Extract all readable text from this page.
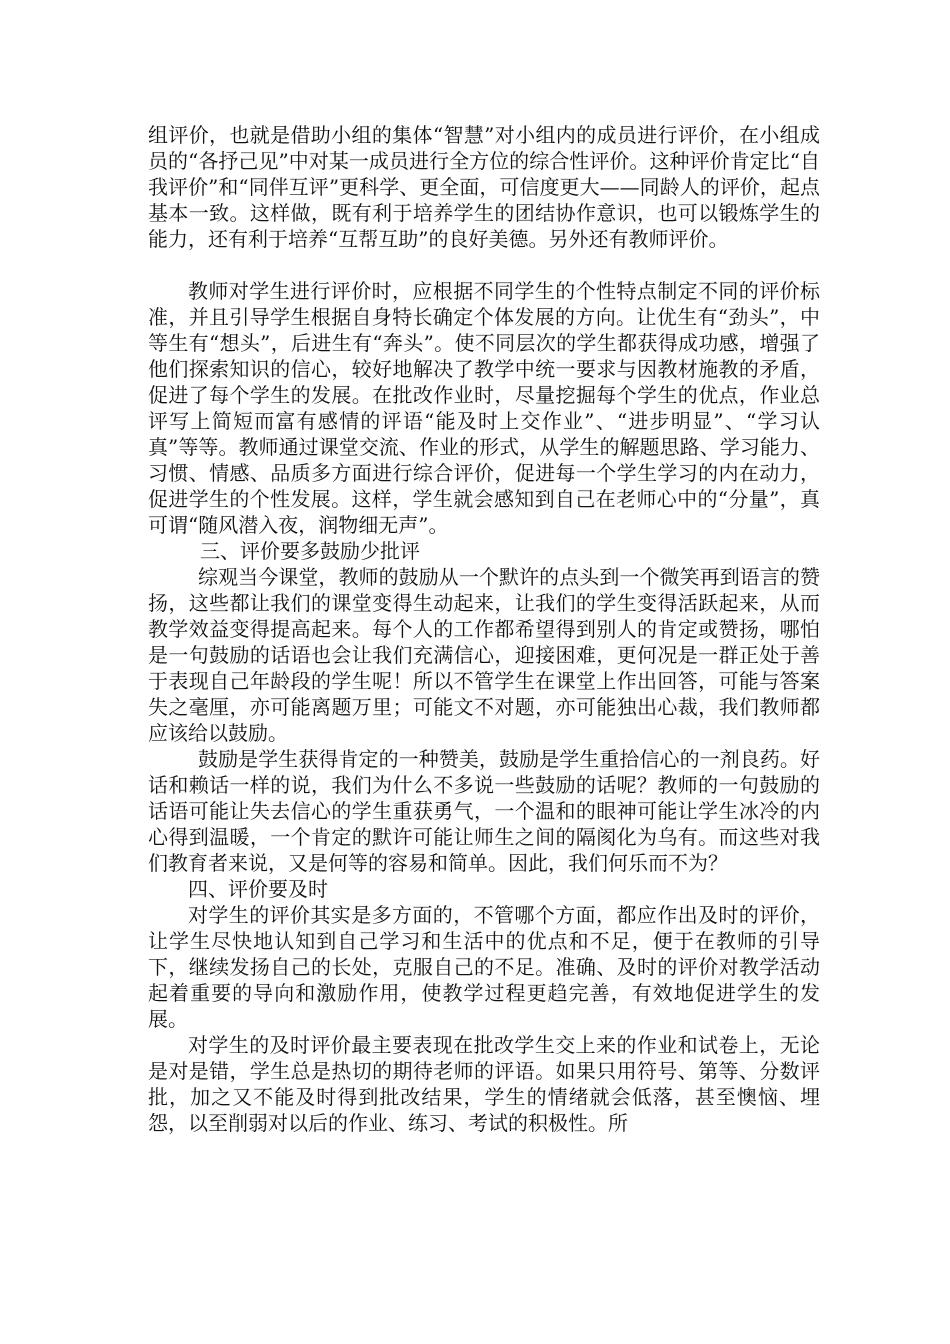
组评价，也就是借助小组的集体“智慧”对小组内的成员进行评价，在小组成员的“各抒己见”中对某一成员进行全方位的综合性评价。这种评价肯定比“自我评价”和“同伴互评”更科学、更全面，可信度更大——同龄人的评价，起点基本一致。这样做，既有利于培养学生的团结协作意识，也可以锻炼学生的能力，还有利于培养“互帮互助”的良好美德。另外还有教师评价。

教师对学生进行评价时，应根据不同学生的个性特点制定不同的评价标准，并且引导学生根据自身特长确定个体发展的方向。让优生有“劲头”，中等生有“想头”，后进生有“奔头”。使不同层次的学生都获得成功感，增强了他们探索知识的信心，较好地解决了教学中统一要求与因教材施教的矛盾，促进了每个学生的发展。在批改作业时，尽量挖掘每个学生的优点，作业总评写上简短而富有感情的评语“能及时上交作业”、“进步明显”、“学习认真”等等。教师通过课堂交流、作业的形式，从学生的解题思路、学习能力、习惯、情感、品质多方面进行综合评价，促进每一个学生学习的内在动力，促进学生的个性发展。这样，学生就会感知到自己在老师心中的“分量”，真可谓“随风潜入夜，润物细无声”。

三、评价要多鼓励少批评

综观当今课堂，教师的鼓励从一个默许的点头到一个微笑再到语言的赞扬，这些都让我们的课堂变得生动起来，让我们的学生变得活跃起来，从而教学效益变得提高起来。每个人的工作都希望得到别人的肯定或赞扬，哪怕是一句鼓励的话语也会让我们充满信心，迎接困难，更何况是一群正处于善于表现自己年龄段的学生呢！所以不管学生在课堂上作出回答，可能与答案失之毫厘，亦可能离题万里；可能文不对题，亦可能独出心裁，我们教师都应该给以鼓励。

鼓励是学生获得肯定的一种赞美，鼓励是学生重拾信心的一剂良药。好话和赖话一样的说，我们为什么不多说一些鼓励的话呢？教师的一句鼓励的话语可能让失去信心的学生重获勇气，一个温和的眼神可能让学生冰冷的内心得到温暖，一个肯定的默许可能让师生之间的隔阂化为乌有。而这些对我们教育者来说，又是何等的容易和简单。因此，我们何乐而不为？

四、评价要及时

对学生的评价其实是多方面的，不管哪个方面，都应作出及时的评价，让学生尽快地认知到自己学习和生活中的优点和不足，便于在教师的引导下，继续发扬自己的长处，克服自己的不足。准确、及时的评价对教学活动起着重要的导向和激励作用，使教学过程更趋完善，有效地促进学生的发展。

对学生的及时评价最主要表现在批改学生交上来的作业和试卷上，无论是对是错，学生总是热切的期待老师的评语。如果只用符号、第等、分数评批，加之又不能及时得到批改结果，学生的情绪就会低落，甚至懊恼、埋怨，以至削弱对以后的作业、练习、考试的积极性。所
